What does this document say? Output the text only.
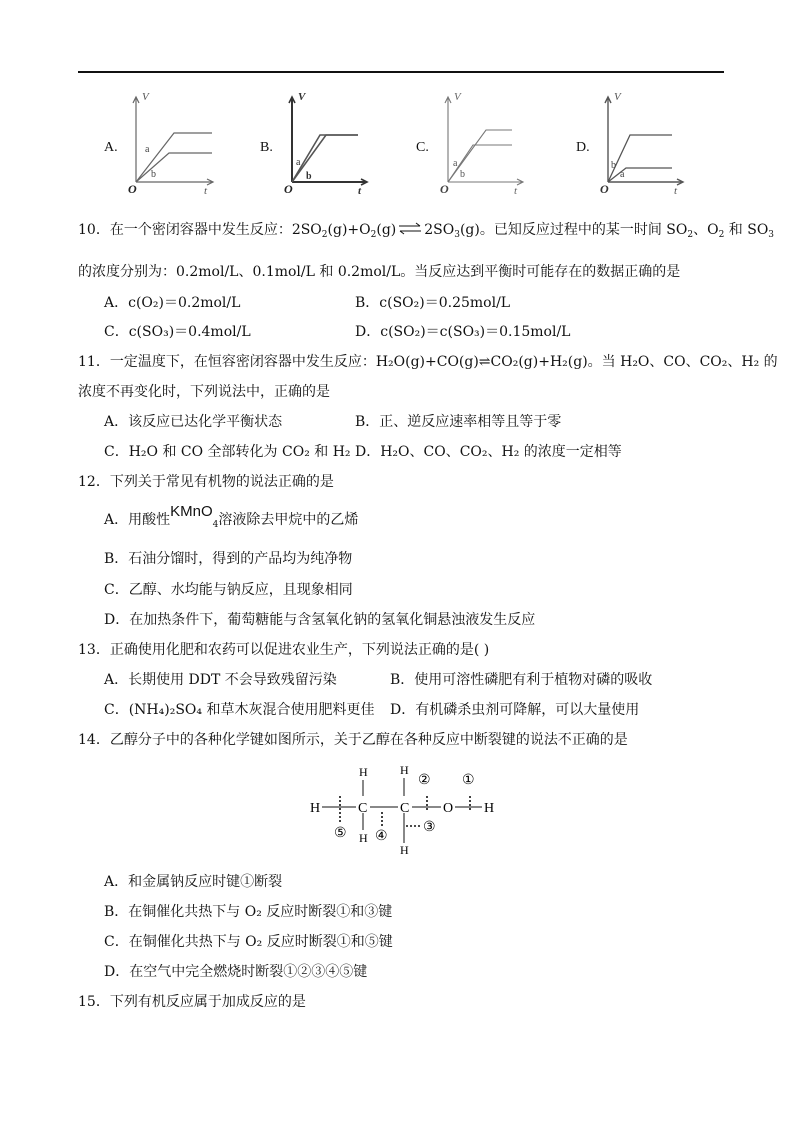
A.
V
t
O
a
b
B.
V
t
O
a
b
C.
V
t
O
a
b
D.
V
t
O
b
a
10．在一个密闭容器中发生反应：$2SO_2(g)+O_2(g)\rightleftharpoons 2SO_3(g)$。已知反应过程中的某一时间 $SO_2$、$O_2$ 和 $SO_3$
的浓度分别为：0.2mol/L、0.1mol/L 和 0.2mol/L。当反应达到平衡时可能存在的数据正确的是
A．c(O₂)＝0.2mol/L	B．c(SO₂)＝0.25mol/L
C．c(SO₃)＝0.4mol/L	D．c(SO₂)＝c(SO₃)＝0.15mol/L
11．一定温度下，在恒容密闭容器中发生反应：H₂O(g)+CO(g)⇌CO₂(g)+H₂(g)。当 H₂O、CO、CO₂、H₂ 的
浓度不再变化时，下列说法中，正确的是
A．该反应已达化学平衡状态	B．正、逆反应速率相等且等于零
C．H₂O 和 CO 全部转化为 CO₂ 和 H₂ D．H₂O、CO、CO₂、H₂ 的浓度一定相等
12．下列关于常见有机物的说法正确的是
A．用酸性KMnO$_4$溶液除去甲烷中的乙烯
B．石油分馏时，得到的产品均为纯净物
C．乙醇、水均能与钠反应，且现象相同
D．在加热条件下，葡萄糖能与含氢氧化钠的氢氧化铜悬浊液发生反应
13．正确使用化肥和农药可以促进农业生产，下列说法正确的是( )
A．长期使用 DDT 不会导致残留污染	B．使用可溶性磷肥有利于植物对磷的吸收
C．(NH₄)₂SO₄ 和草木灰混合使用肥料更佳 D．有机磷杀虫剂可降解，可以大量使用
14．乙醇分子中的各种化学键如图所示，关于乙醇在各种反应中断裂键的说法不正确的是
H	C C O H
H
H
H
H
①
②
③
④
⑤
A．和金属钠反应时键①断裂
B．在铜催化共热下与 O₂ 反应时断裂①和③键
C．在铜催化共热下与 O₂ 反应时断裂①和⑤键
D．在空气中完全燃烧时断裂①②③④⑤键
15．下列有机反应属于加成反应的是
